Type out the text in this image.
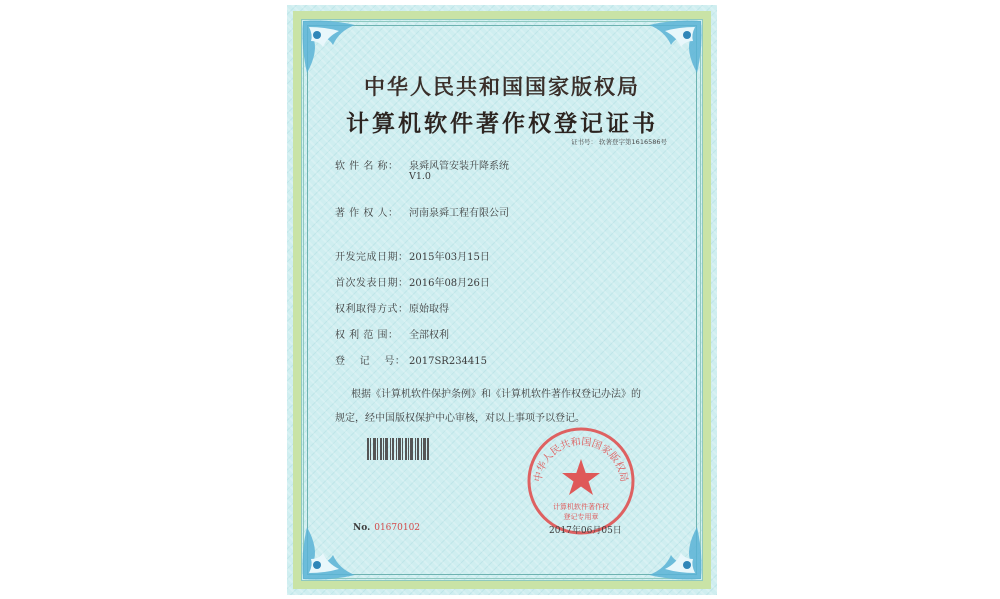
中华人民共和国国家版权局
计算机软件著作权登记证书
证书号： 软著登字第1616586号
软 件 名 称： 泉舜风管安装升降系统
V1.0
著 作 权 人： 河南泉舜工程有限公司
开发完成日期：2015年03月15日
首次发表日期：2016年08月26日
权利取得方式：原始取得
权 利 范 围： 全部权利
登　 记　 号： 2017SR234415
根据《计算机软件保护条例》和《计算机软件著作权登记办法》的
规定，经中国版权保护中心审核，对以上事项予以登记。
中华人民共和国国家版权局
计算机软件著作权
登记专用章
No. 01670102	2017年06月05日
